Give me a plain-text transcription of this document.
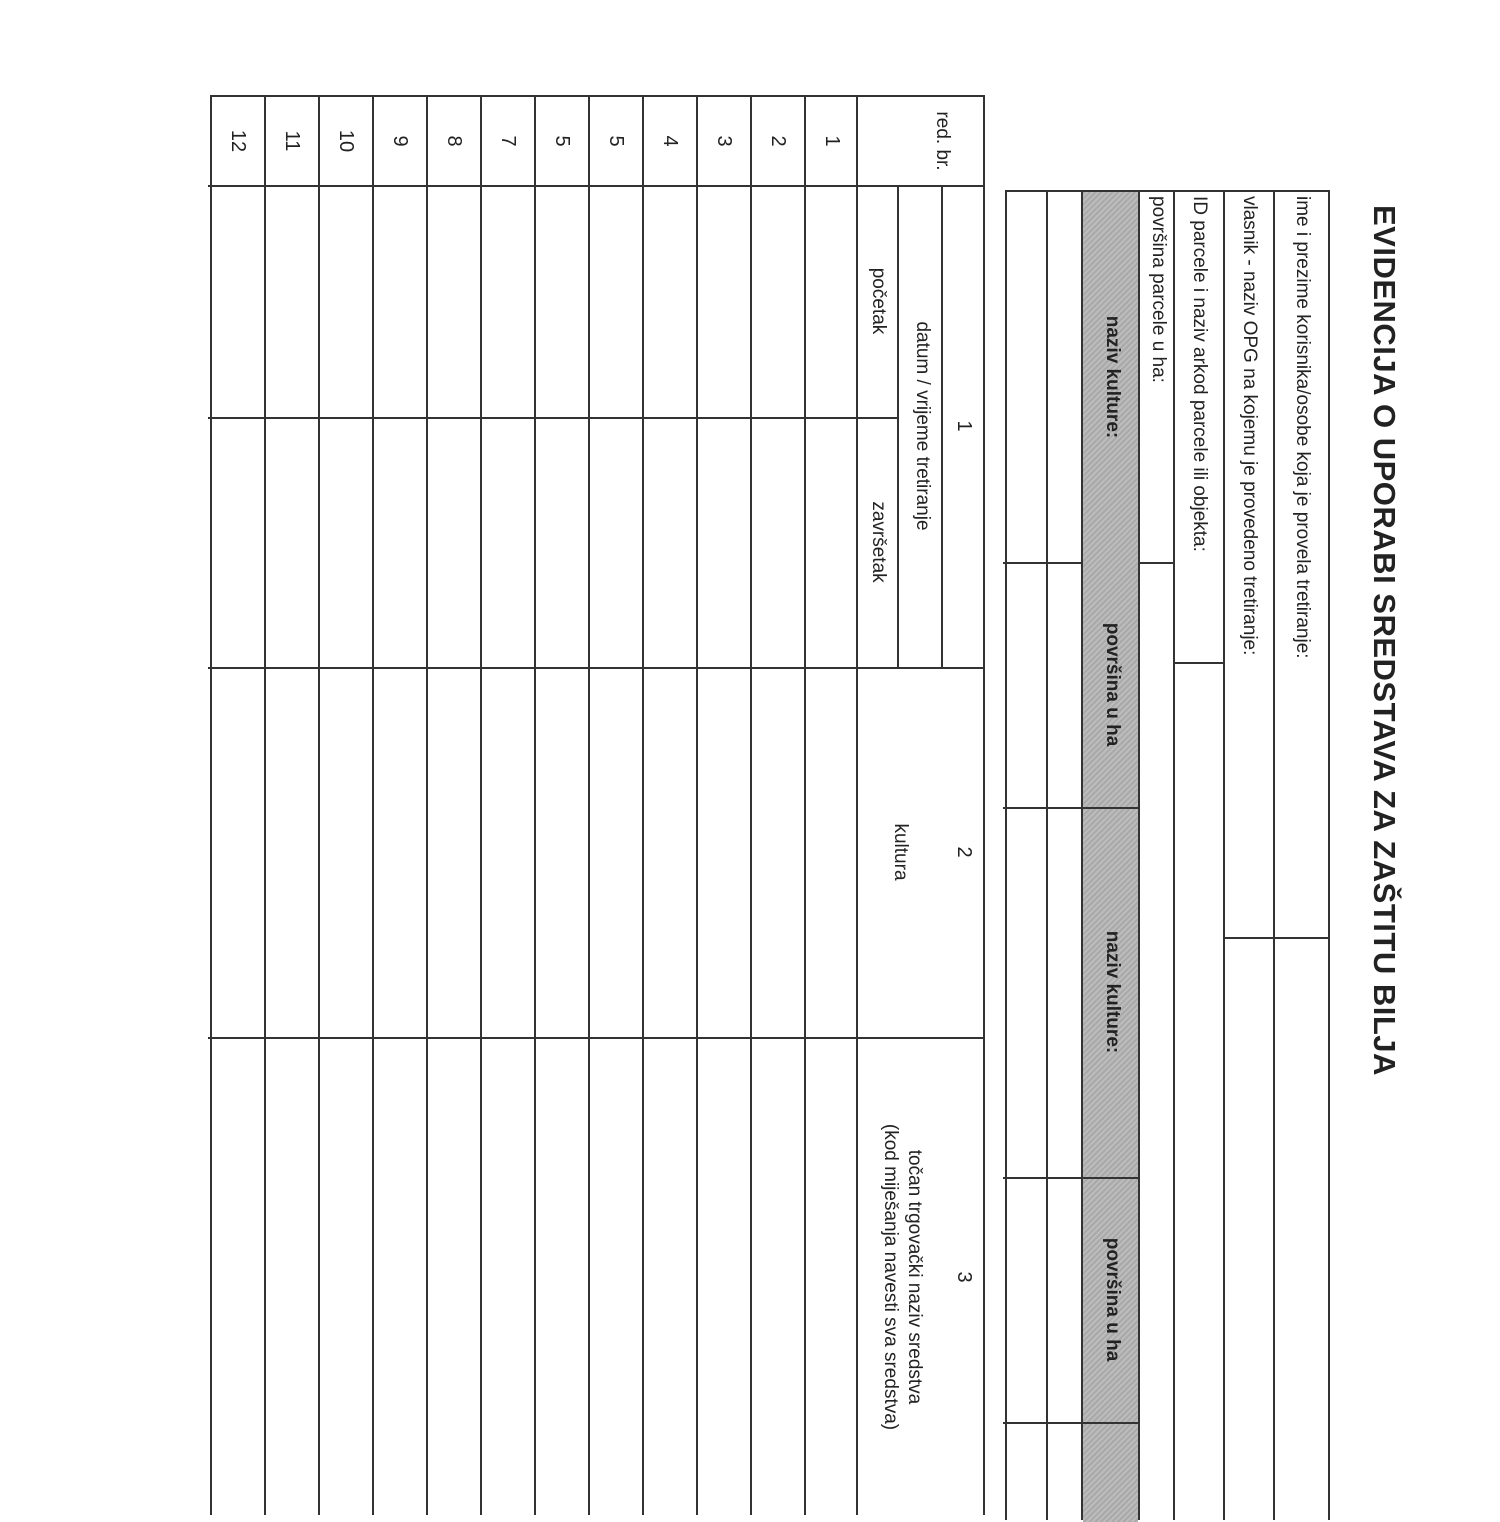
EVIDENCIJA O UPORABI SREDSTAVA ZA ZAŠTITU BILJA
ime i prezime korisnika/osobe koja je provela tretiranje:
vlasnik - naziv OPG na kojemu je provedeno tretiranje:
ID parcele i naziv arkod parcele ili objekta:
površina parcele u ha:
naziv kulture:
površina u ha
naziv kulture:
površina u ha
red. br.
1
datum / vrijeme tretiranje
početak
završetak
2
kultura
3
točan trgovački naziv sredstva
(kod miješanja navesti sva sredstva)
1
2
3
4
5
5
7
8
9
10
11
12
